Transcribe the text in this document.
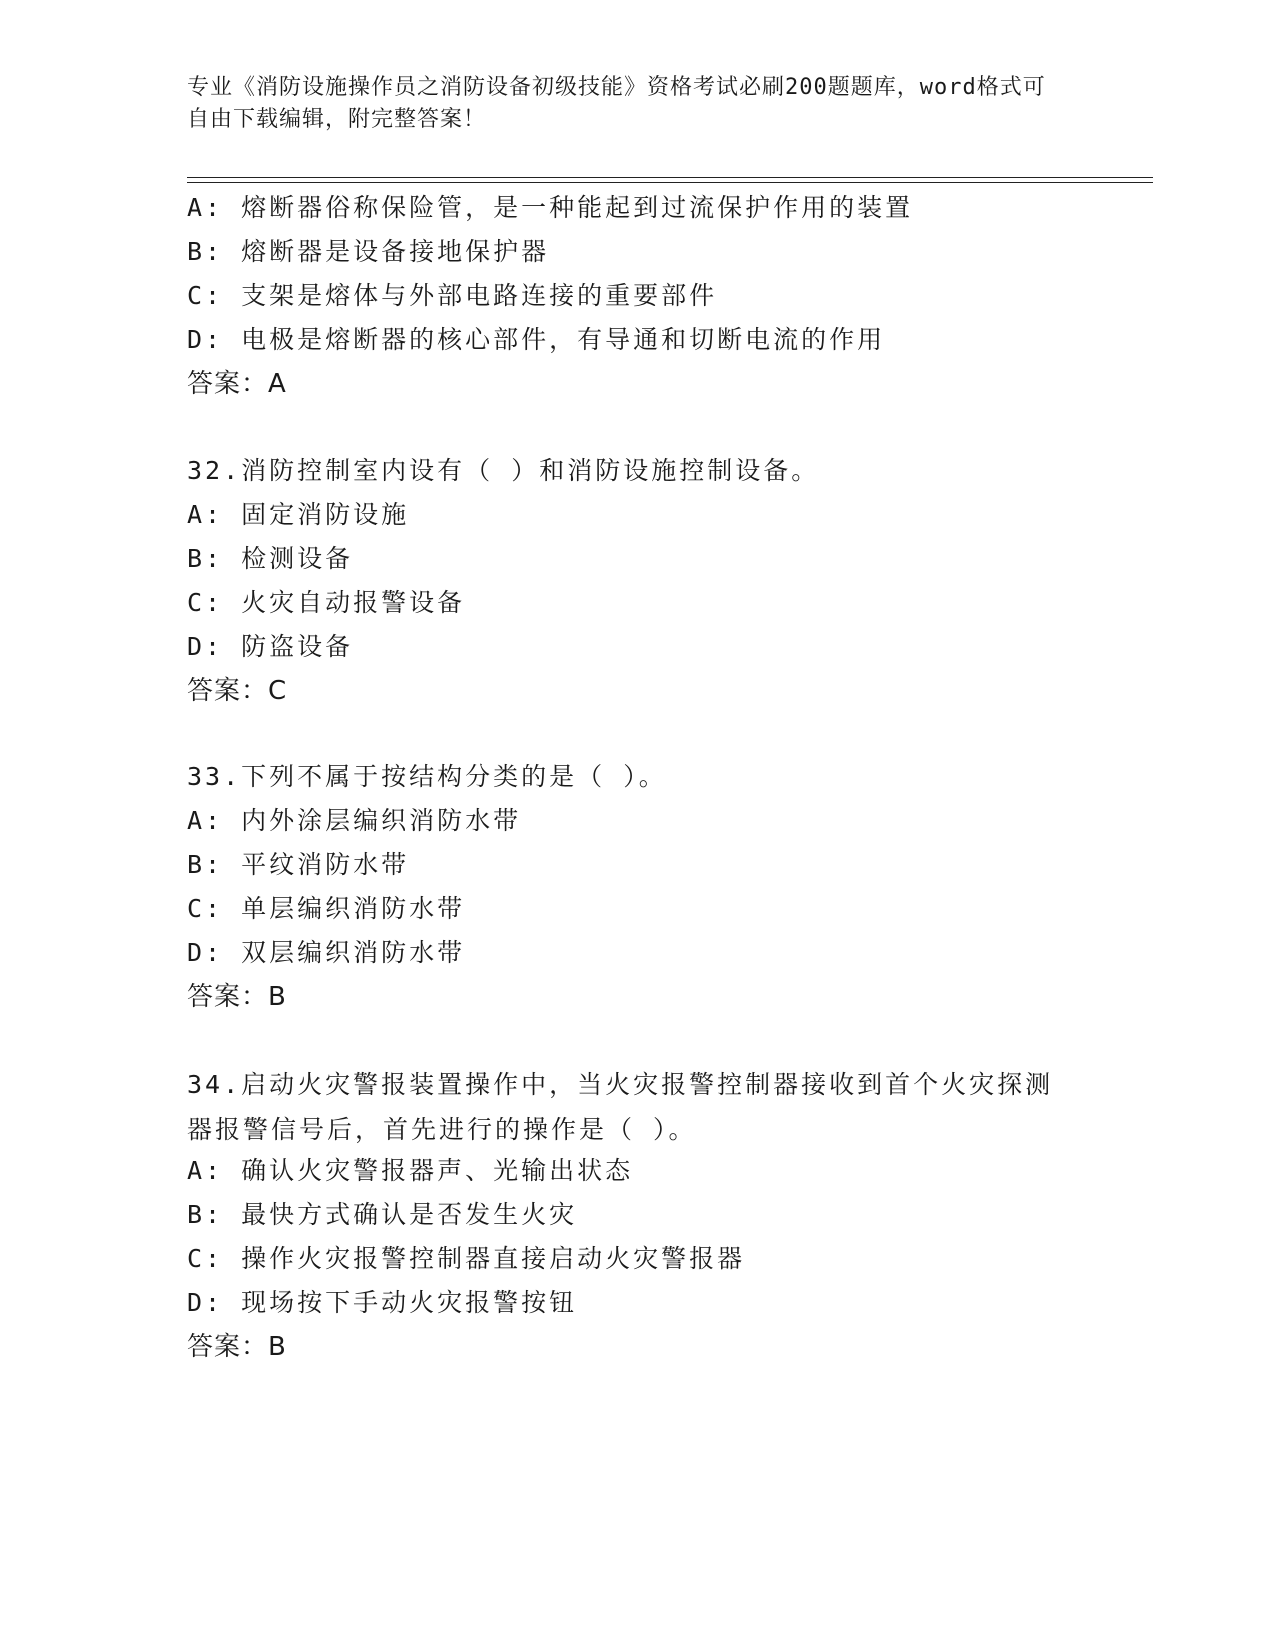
专业《消防设施操作员之消防设备初级技能》资格考试必刷200题题库，word格式可自由下载编辑，附完整答案！
A: 熔断器俗称保险管，是一种能起到过流保护作用的装置
B: 熔断器是设备接地保护器
C: 支架是熔体与外部电路连接的重要部件
D: 电极是熔断器的核心部件，有导通和切断电流的作用
答案：A
32.消防控制室内设有（ ）和消防设施控制设备。
A: 固定消防设施
B: 检测设备
C: 火灾自动报警设备
D: 防盗设备
答案：C
33.下列不属于按结构分类的是（ ）。
A: 内外涂层编织消防水带
B: 平纹消防水带
C: 单层编织消防水带
D: 双层编织消防水带
答案：B
34.启动火灾警报装置操作中，当火灾报警控制器接收到首个火灾探测器报警信号后，首先进行的操作是（ ）。
A: 确认火灾警报器声、光输出状态
B: 最快方式确认是否发生火灾
C: 操作火灾报警控制器直接启动火灾警报器
D: 现场按下手动火灾报警按钮
答案：B
